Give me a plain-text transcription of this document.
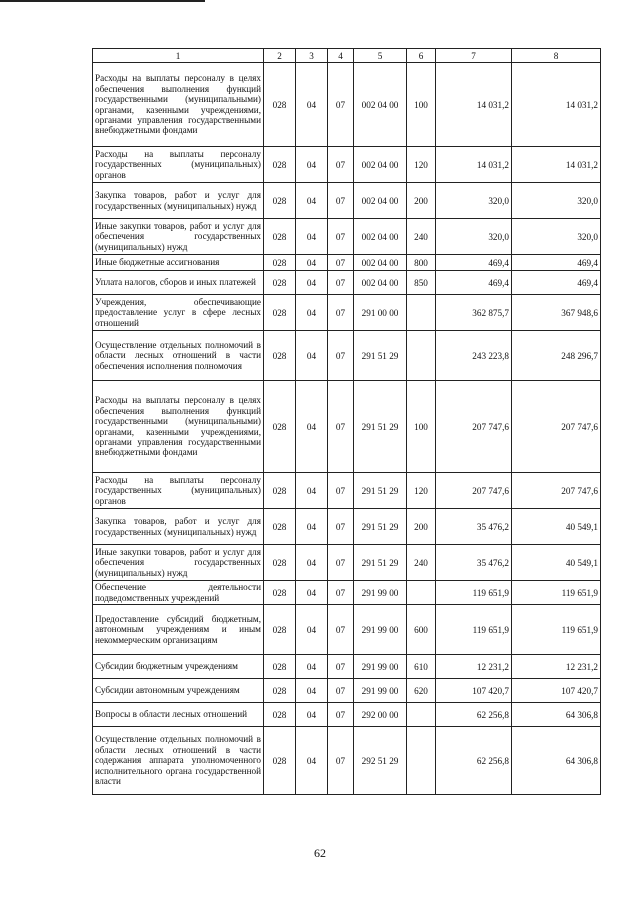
1	2	3	4	5	6	7	8
Расходы на выплаты персоналу в целях обеспечения выполнения функций государственными (муниципальными) органами, казенными учреждениями, органами управления государственными внебюджетными фондами	028	04	07	002 04 00	100	14 031,2	14 031,2
Расходы на выплаты персоналу государственных (муниципальных) органов	028	04	07	002 04 00	120	14 031,2	14 031,2
Закупка товаров, работ и услуг для государственных (муниципальных) нужд	028	04	07	002 04 00	200	320,0	320,0
Иные закупки товаров, работ и услуг для обеспечения государственных (муниципальных) нужд	028	04	07	002 04 00	240	320,0	320,0
Иные бюджетные ассигнования	028	04	07	002 04 00	800	469,4	469,4
Уплата налогов, сборов и иных платежей	028	04	07	002 04 00	850	469,4	469,4
Учреждения, обеспечивающие предоставление услуг в сфере лесных отношений	028	04	07	291 00 00		362 875,7	367 948,6
Осуществление отдельных полномочий в области лесных отношений в части обеспечения исполнения полномочия	028	04	07	291 51 29		243 223,8	248 296,7
Расходы на выплаты персоналу в целях обеспечения выполнения функций государственными (муниципальными) органами, казенными учреждениями, органами управления государственными внебюджетными фондами	028	04	07	291 51 29	100	207 747,6	207 747,6
Расходы на выплаты персоналу государственных (муниципальных) органов	028	04	07	291 51 29	120	207 747,6	207 747,6
Закупка товаров, работ и услуг для государственных (муниципальных) нужд	028	04	07	291 51 29	200	35 476,2	40 549,1
Иные закупки товаров, работ и услуг для обеспечения государственных (муниципальных) нужд	028	04	07	291 51 29	240	35 476,2	40 549,1
Обеспечение деятельности подведомственных учреждений	028	04	07	291 99 00		119 651,9	119 651,9
Предоставление субсидий бюджетным, автономным учреждениям и иным некоммерческим организациям	028	04	07	291 99 00	600	119 651,9	119 651,9
Субсидии бюджетным учреждениям	028	04	07	291 99 00	610	12 231,2	12 231,2
Субсидии автономным учреждениям	028	04	07	291 99 00	620	107 420,7	107 420,7
Вопросы в области лесных отношений	028	04	07	292 00 00		62 256,8	64 306,8
Осуществление отдельных полномочий в области лесных отношений в части содержания аппарата уполномоченного исполнительного органа государственной власти	028	04	07	292 51 29		62 256,8	64 306,8
62
